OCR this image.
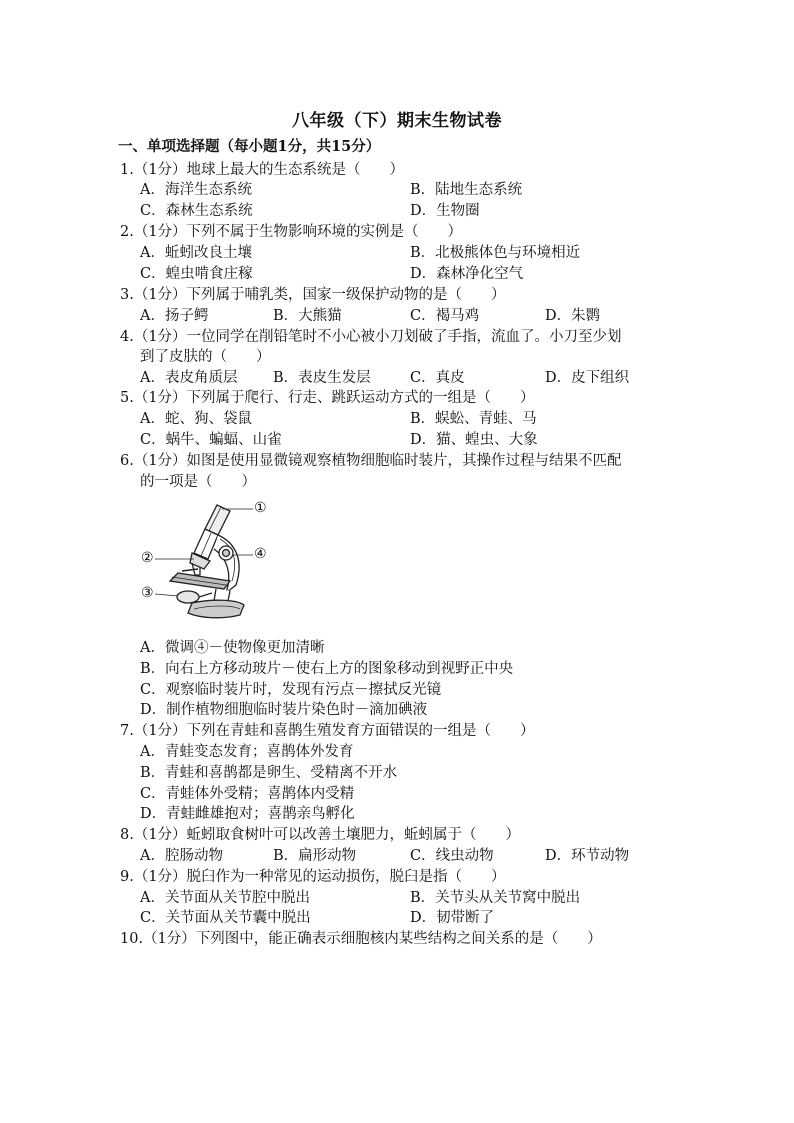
八年级（下）期末生物试卷
一、单项选择题（每小题1分，共15分）
1.（1分）地球上最大的生态系统是（　　）
A．海洋生态系统	B．陆地生态系统
C．森林生态系统	D．生物圈
2.（1分）下列不属于生物影响环境的实例是（　　）
A．蚯蚓改良土壤	B．北极熊体色与环境相近
C．蝗虫啃食庄稼	D．森林净化空气
3.（1分）下列属于哺乳类，国家一级保护动物的是（　　）
A．扬子鳄	B．大熊猫	C．褐马鸡	D．朱鹮
4.（1分）一位同学在削铅笔时不小心被小刀划破了手指，流血了。小刀至少划
到了皮肤的（　　）
A．表皮角质层 B．表皮生发层	C．真皮	D．皮下组织
5.（1分）下列属于爬行、行走、跳跃运动方式的一组是（　　）
A．蛇、狗、袋鼠	B．蜈蚣、青蛙、马
C．蜗牛、蝙蝠、山雀	D．猫、蝗虫、大象
6.（1分）如图是使用显微镜观察植物细胞临时装片，其操作过程与结果不匹配
的一项是（　　）
①
②
③
④
A．微调④－使物像更加清晰
B．向右上方移动玻片－使右上方的图象移动到视野正中央
C．观察临时装片时，发现有污点－擦拭反光镜
D．制作植物细胞临时装片染色时－滴加碘液
7.（1分）下列在青蛙和喜鹊生殖发育方面错误的一组是（　　）
A．青蛙变态发育；喜鹊体外发育
B．青蛙和喜鹊都是卵生、受精离不开水
C．青蛙体外受精；喜鹊体内受精
D．青蛙雌雄抱对；喜鹊亲鸟孵化
8.（1分）蚯蚓取食树叶可以改善土壤肥力，蚯蚓属于（　　）
A．腔肠动物	B．扁形动物	C．线虫动物	D．环节动物
9.（1分）脱臼作为一种常见的运动损伤，脱臼是指（　　）
A．关节面从关节腔中脱出	B．关节头从关节窝中脱出
C．关节面从关节囊中脱出	D．韧带断了
10.（1分）下列图中，能正确表示细胞核内某些结构之间关系的是（　　）
